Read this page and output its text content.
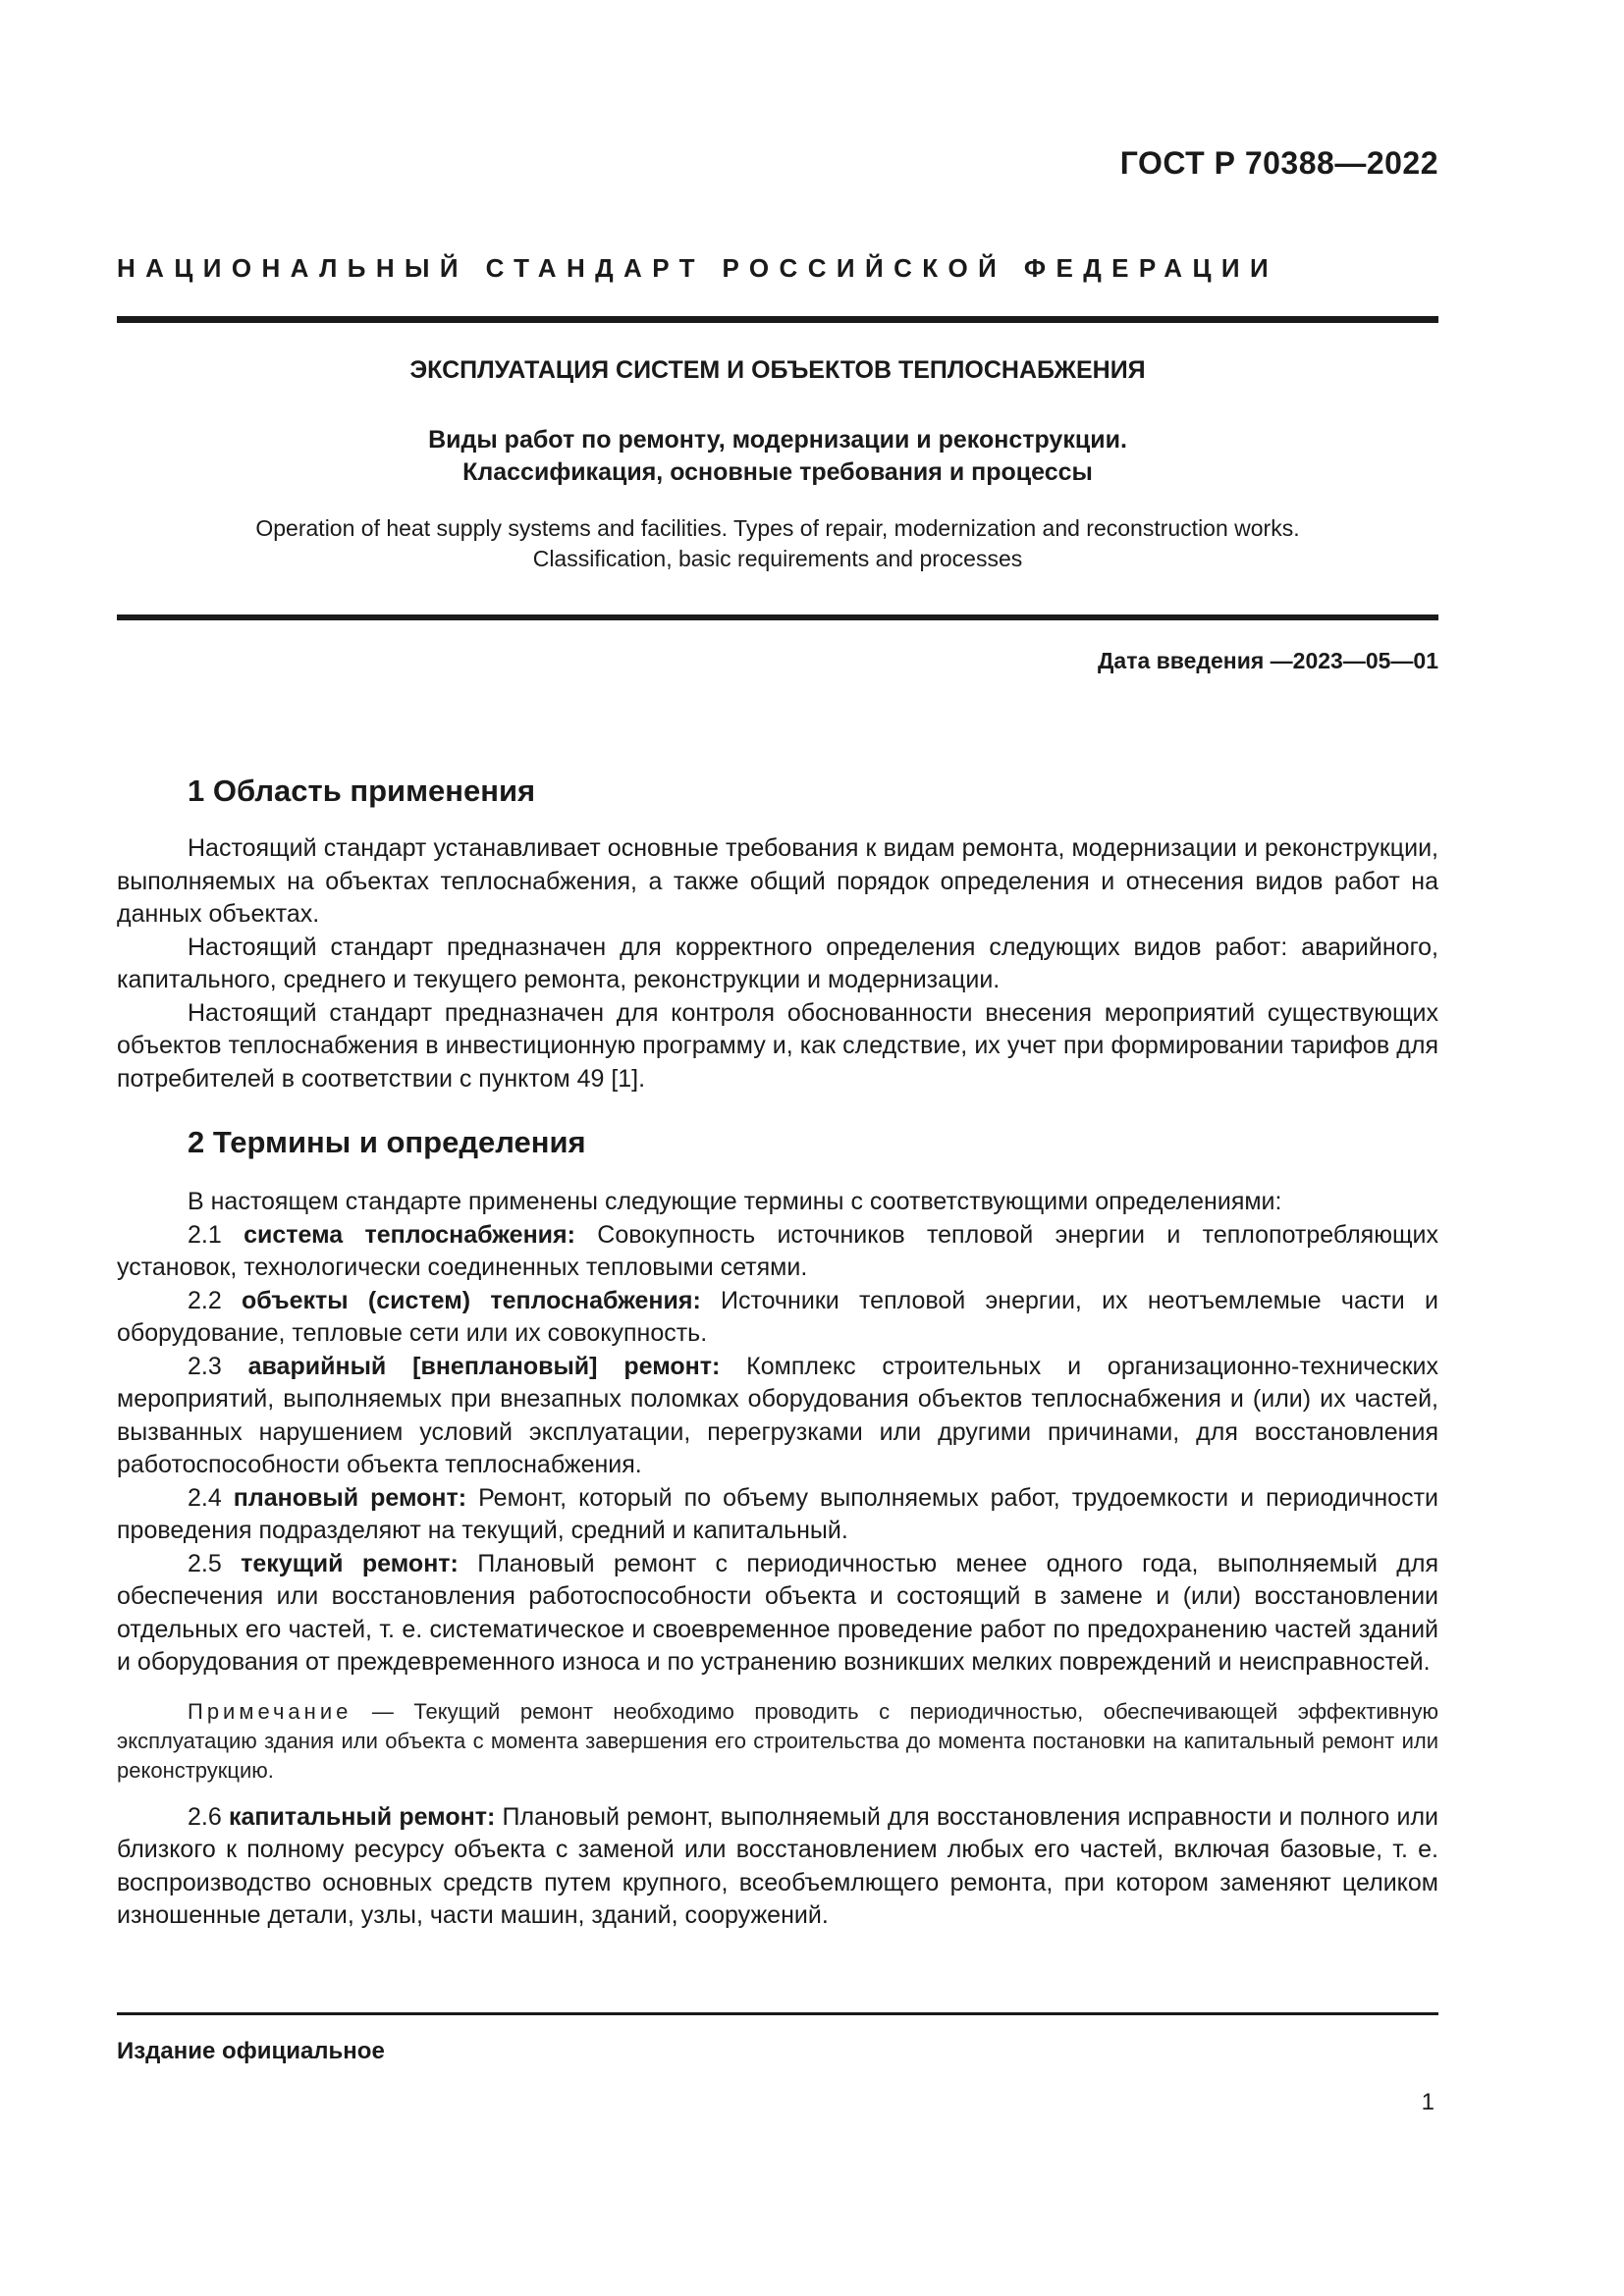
ГОСТ Р 70388—2022
НАЦИОНАЛЬНЫЙ СТАНДАРТ РОССИЙСКОЙ ФЕДЕРАЦИИ
ЭКСПЛУАТАЦИЯ СИСТЕМ И ОБЪЕКТОВ ТЕПЛОСНАБЖЕНИЯ
Виды работ по ремонту, модернизации и реконструкции.
Классификация, основные требования и процессы
Operation of heat supply systems and facilities. Types of repair, modernization and reconstruction works.
Classification, basic requirements and processes
Дата введения —2023—05—01
1 Область применения

Настоящий стандарт устанавливает основные требования к видам ремонта, модернизации и реконструкции, выполняемых на объектах теплоснабжения, а также общий порядок определения и отнесения видов работ на данных объектах.

Настоящий стандарт предназначен для корректного определения следующих видов работ: аварийного, капитального, среднего и текущего ремонта, реконструкции и модернизации.

Настоящий стандарт предназначен для контроля обоснованности внесения мероприятий существующих объектов теплоснабжения в инвестиционную программу и, как следствие, их учет при формировании тарифов для потребителей в соответствии с пунктом 49 [1].

2 Термины и определения

В настоящем стандарте применены следующие термины с соответствующими определениями:

2.1 система теплоснабжения: Совокупность источников тепловой энергии и теплопотребляющих установок, технологически соединенных тепловыми сетями.

2.2 объекты (систем) теплоснабжения: Источники тепловой энергии, их неотъемлемые части и оборудование, тепловые сети или их совокупность.

2.3 аварийный [внеплановый] ремонт: Комплекс строительных и организационно-технических мероприятий, выполняемых при внезапных поломках оборудования объектов теплоснабжения и (или) их частей, вызванных нарушением условий эксплуатации, перегрузками или другими причинами, для восстановления работоспособности объекта теплоснабжения.

2.4 плановый ремонт: Ремонт, который по объему выполняемых работ, трудоемкости и периодичности проведения подразделяют на текущий, средний и капитальный.

2.5 текущий ремонт: Плановый ремонт с периодичностью менее одного года, выполняемый для обеспечения или восстановления работоспособности объекта и состоящий в замене и (или) восстановлении отдельных его частей, т. е. систематическое и своевременное проведение работ по предохранению частей зданий и оборудования от преждевременного износа и по устранению возникших мелких повреждений и неисправностей.

Примечание — Текущий ремонт необходимо проводить с периодичностью, обеспечивающей эффективную эксплуатацию здания или объекта с момента завершения его строительства до момента постановки на капитальный ремонт или реконструкцию.

2.6 капитальный ремонт: Плановый ремонт, выполняемый для восстановления исправности и полного или близкого к полному ресурсу объекта с заменой или восстановлением любых его частей, включая базовые, т. е. воспроизводство основных средств путем крупного, всеобъемлющего ремонта, при котором заменяют целиком изношенные детали, узлы, части машин, зданий, сооружений.

Издание официальное
1
